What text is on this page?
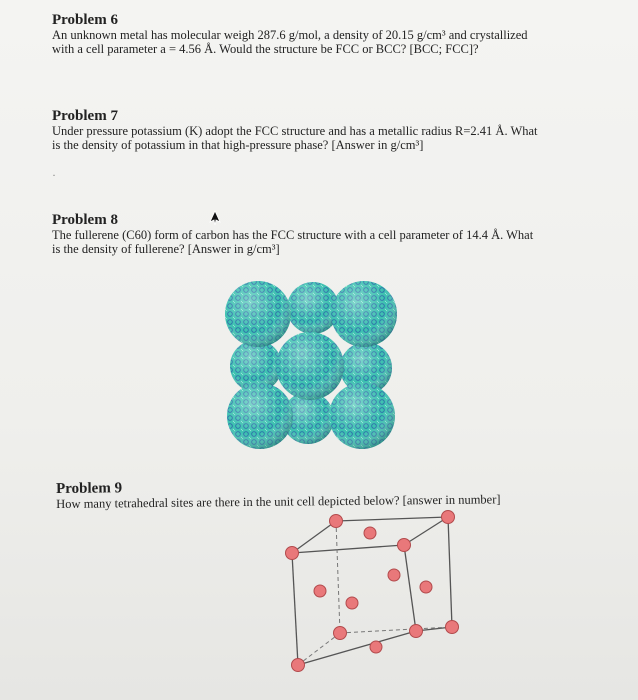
Problem 6
An unknown metal has molecular weigh 287.6 g/mol, a density of 20.15 g/cm³ and crystallized
with a cell parameter a = 4.56 Å. Would the structure be FCC or BCC? [BCC; FCC]?
Problem 7
Under pressure potassium (K) adopt the FCC structure and has a metallic radius R=2.41 Å. What
is the density of potassium in that high-pressure phase? [Answer in g/cm³]
·
Problem 8
The fullerene (C60) form of carbon has the FCC structure with a cell parameter of 14.4 Å. What
is the density of fullerene? [Answer in g/cm³]
Problem 9
How many tetrahedral sites are there in the unit cell depicted below? [answer in number]
